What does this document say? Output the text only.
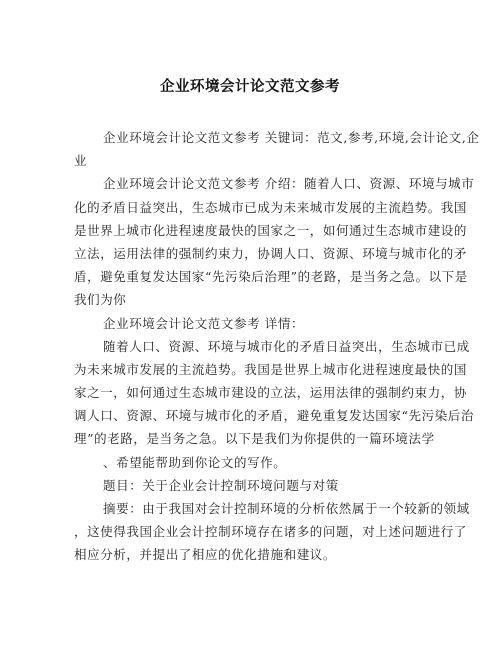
企业环境会计论文范文参考
企业环境会计论文范文参考 关键词：范文,参考,环境,会计论文,企
业
企业环境会计论文范文参考 介绍：随着人口、资源、环境与城市
化的矛盾日益突出，生态城市已成为未来城市发展的主流趋势。我国
是世界上城市化进程速度最快的国家之一，如何通过生态城市建设的
立法，运用法律的强制约束力，协调人口、资源、环境与城市化的矛
盾，避免重复发达国家“先污染后治理”的老路，是当务之急。以下是
我们为你
企业环境会计论文范文参考 详情：
随着人口、资源、环境与城市化的矛盾日益突出，生态城市已成
为未来城市发展的主流趋势。我国是世界上城市化进程速度最快的国
家之一，如何通过生态城市建设的立法，运用法律的强制约束力，协
调人口、资源、环境与城市化的矛盾，避免重复发达国家“先污染后治
理”的老路，是当务之急。以下是我们为你提供的一篇环境法学
、希望能帮助到你论文的写作。
题目：关于企业会计控制环境问题与对策
摘要：由于我国对会计控制环境的分析依然属于一个较新的领域
，这使得我国企业会计控制环境存在诸多的问题，对上述问题进行了
相应分析，并提出了相应的优化措施和建议。
